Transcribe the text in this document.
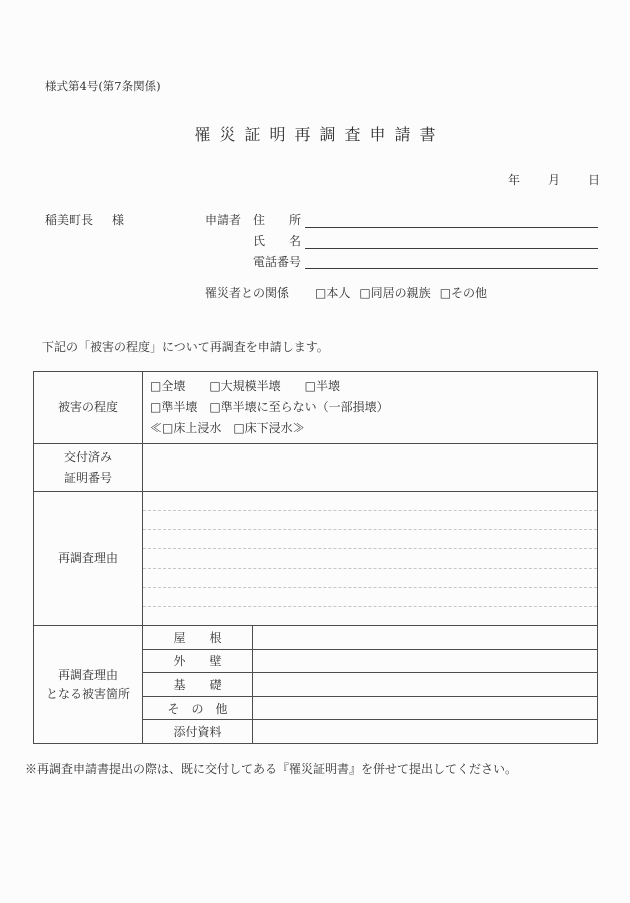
様式第4号(第7条関係)
罹災証明再調査申請書
年 月 日
稲美町長 様	申請者 住　　所
氏　　名
電話番号
罹災者との関係 □本人 □同居の親族 □その他
下記の「被害の程度」について再調査を申請します。
被害の程度
□全壊　　□大規模半壊　　□半壊
□準半壊　□準半壊に至らない（一部損壊）
≪□床上浸水　□床下浸水≫
交付済み
証明番号
再調査理由
再調査理由
となる被害箇所
屋　　根
外　　壁
基　　礎
そ　の　他
添付資料
※再調査申請書提出の際は、既に交付してある『罹災証明書』を併せて提出してください。
